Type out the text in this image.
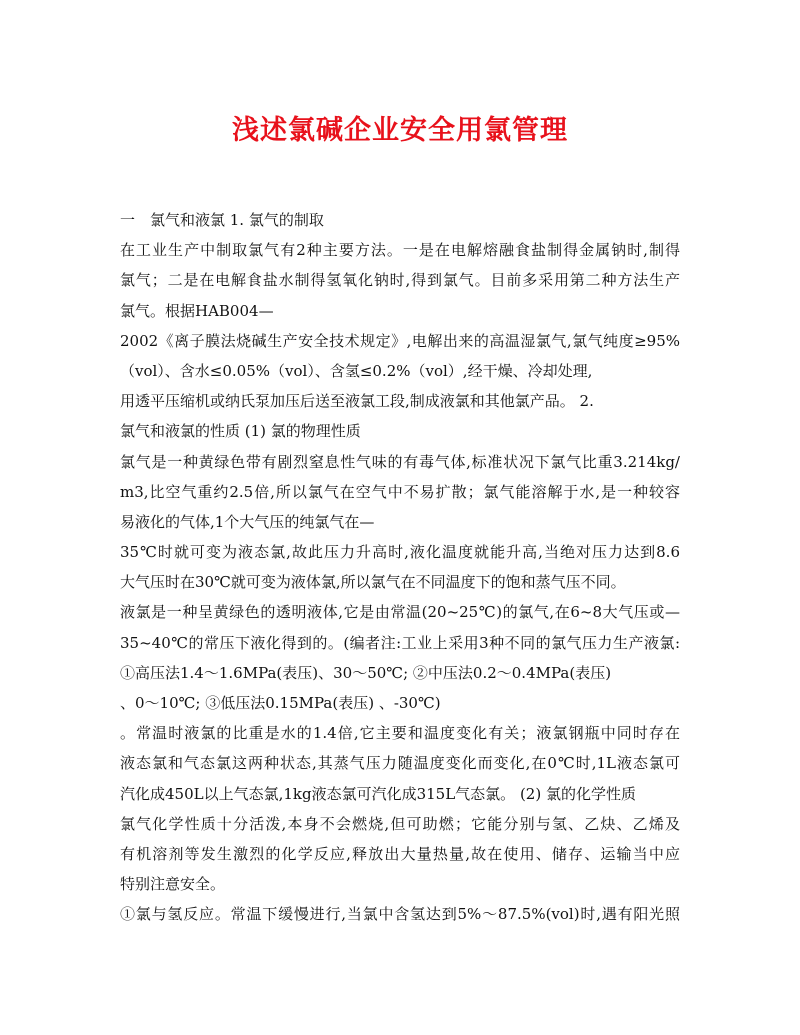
浅述氯碱企业安全用氯管理
一　氯气和液氯 1. 氯气的制取
在工业生产中制取氯气有2种主要方法。一是在电解熔融食盐制得金属钠时,制得
氯气；二是在电解食盐水制得氢氧化钠时,得到氯气。目前多采用第二种方法生产
氯气。根据HAB004—
2002《离子膜法烧碱生产安全技术规定》,电解出来的高温湿氯气,氯气纯度≥95%
（vol）、含水≤0.05%（vol）、含氢≤0.2%（vol）,经干燥、冷却处理,
用透平压缩机或纳氏泵加压后送至液氯工段,制成液氯和其他氯产品。 2.
氯气和液氯的性质 (1) 氯的物理性质
氯气是一种黄绿色带有剧烈窒息性气味的有毒气体,标准状况下氯气比重3.214kg/
m3,比空气重约2.5倍,所以氯气在空气中不易扩散；氯气能溶解于水,是一种较容
易液化的气体,1个大气压的纯氯气在—
35℃时就可变为液态氯,故此压力升高时,液化温度就能升高,当绝对压力达到8.6
大气压时在30℃就可变为液体氯,所以氯气在不同温度下的饱和蒸气压不同。
液氯是一种呈黄绿色的透明液体,它是由常温(20~25℃)的氯气,在6~8大气压或—
35~40℃的常压下液化得到的。(编者注:工业上采用3种不同的氯气压力生产液氯:
①高压法1.4～1.6MPa(表压)、30～50℃; ②中压法0.2～0.4MPa(表压)
、0～10℃; ③低压法0.15MPa(表压) 、-30℃)
。常温时液氯的比重是水的1.4倍,它主要和温度变化有关；液氯钢瓶中同时存在
液态氯和气态氯这两种状态,其蒸气压力随温度变化而变化,在0℃时,1L液态氯可
汽化成450L以上气态氯,1kg液态氯可汽化成315L气态氯。 (2) 氯的化学性质
氯气化学性质十分活泼,本身不会燃烧,但可助燃；它能分别与氢、乙炔、乙烯及
有机溶剂等发生激烈的化学反应,释放出大量热量,故在使用、储存、运输当中应
特别注意安全。
①氯与氢反应。常温下缓慢进行,当氯中含氢达到5%～87.5%(vol)时,遇有阳光照
